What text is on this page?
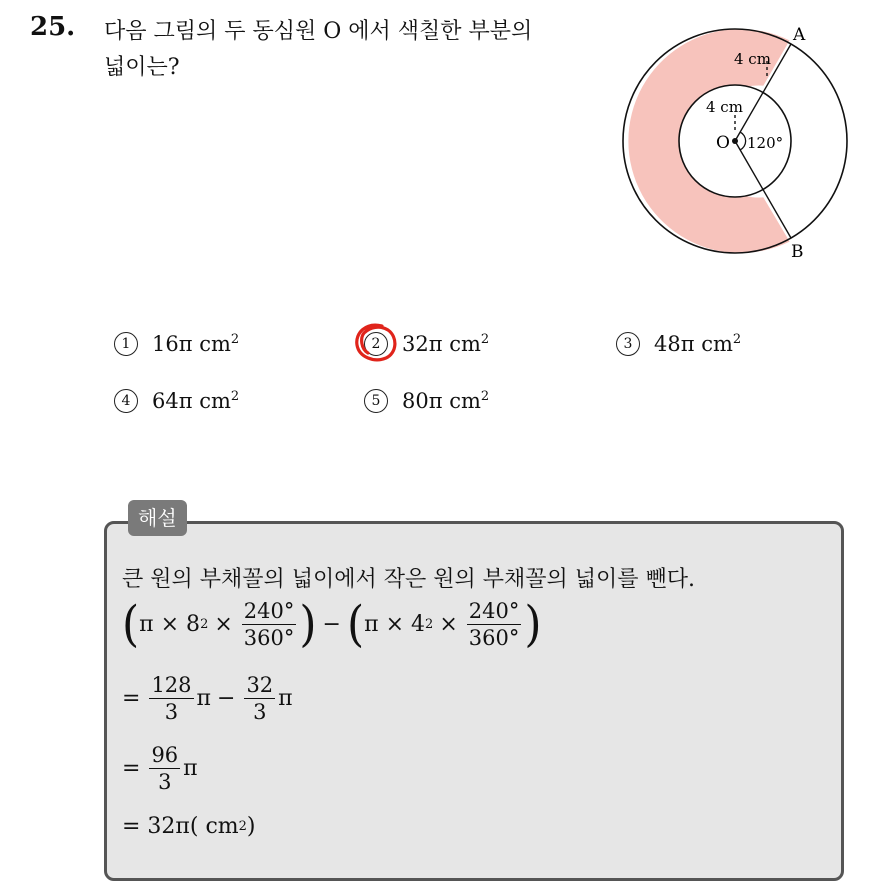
25. 다음 그림의 두 동심원 O 에서 색칠한 부분의
넓이는?
O 120°
4 cm
4 cm
A
B
1 16π $cm^2$	2 32π $cm^2$	3 48π $cm^2$
4 64π $cm^2$	5 80π $cm^2$
해설
큰 원의 부채꼴의 넓이에서 작은 원의 부채꼴의 넓이를 뺀다.
( π × 8 $2 \times \frac{240^\circ}{360^\circ}$ ) − ( π × 4 $2 \times \frac{240^\circ}{360^\circ}$ )
= $\frac{128}{3}$ $\pi - \frac{32}{3}$ π
= $\frac{96}{3}$ π
= 32π( cm 2 )
